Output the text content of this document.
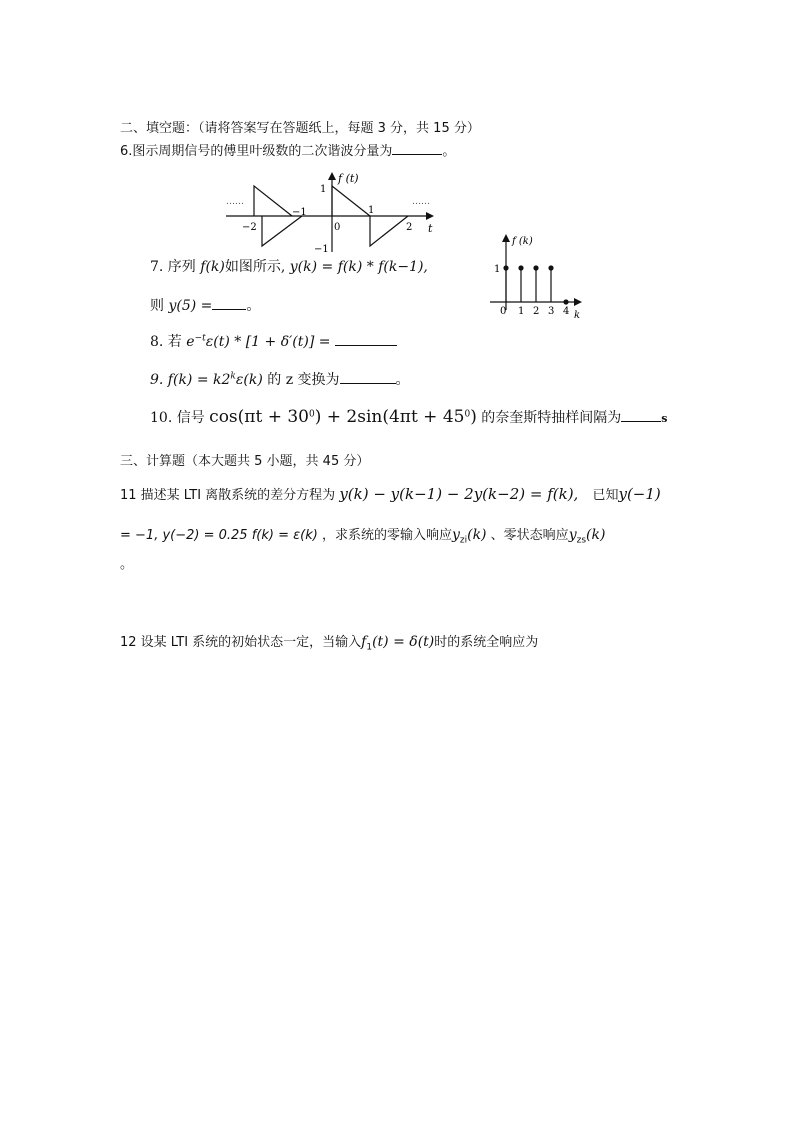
二、填空题：（请将答案写在答题纸上，每题 3 分，共 15 分）
6.图示周期信号的傅里叶级数的二次谐波分量为	。
……	……
f (t)
t
1
−1
−2
−1
0
1
2
7. 序列 f(k)如图所示, y(k) = f(k) * f(k−1),
则 y(5) = 。
f (k)
1
k
0 1 2 3 4
8. 若 $e^{-t}\varepsilon(t) * [1 + \delta'(t)]$ =
9. $f(k) = k2^k\varepsilon(k)$ 的 z 变换为	。
10. 信号 $\cos(\pi t + 30^0) + 2\sin(4\pi t + 45^0)$ 的奈奎斯特抽样间隔为	s
三、计算题（本大题共 5 小题，共 45 分）
11 描述某 LTI 离散系统的差分方程为 y(k) − y(k−1) − 2y(k−2) = f(k), 已知y(−1)
= −1, y(−2) = 0.25 f(k) = ε(k) ，求系统的零输入响应$y_{zi}(k)$ 、零状态响应$y_{zs}(k)$
。
12 设某 LTI 系统的初始状态一定，当输入$f_1(t) = \delta(t)$时的系统全响应为
